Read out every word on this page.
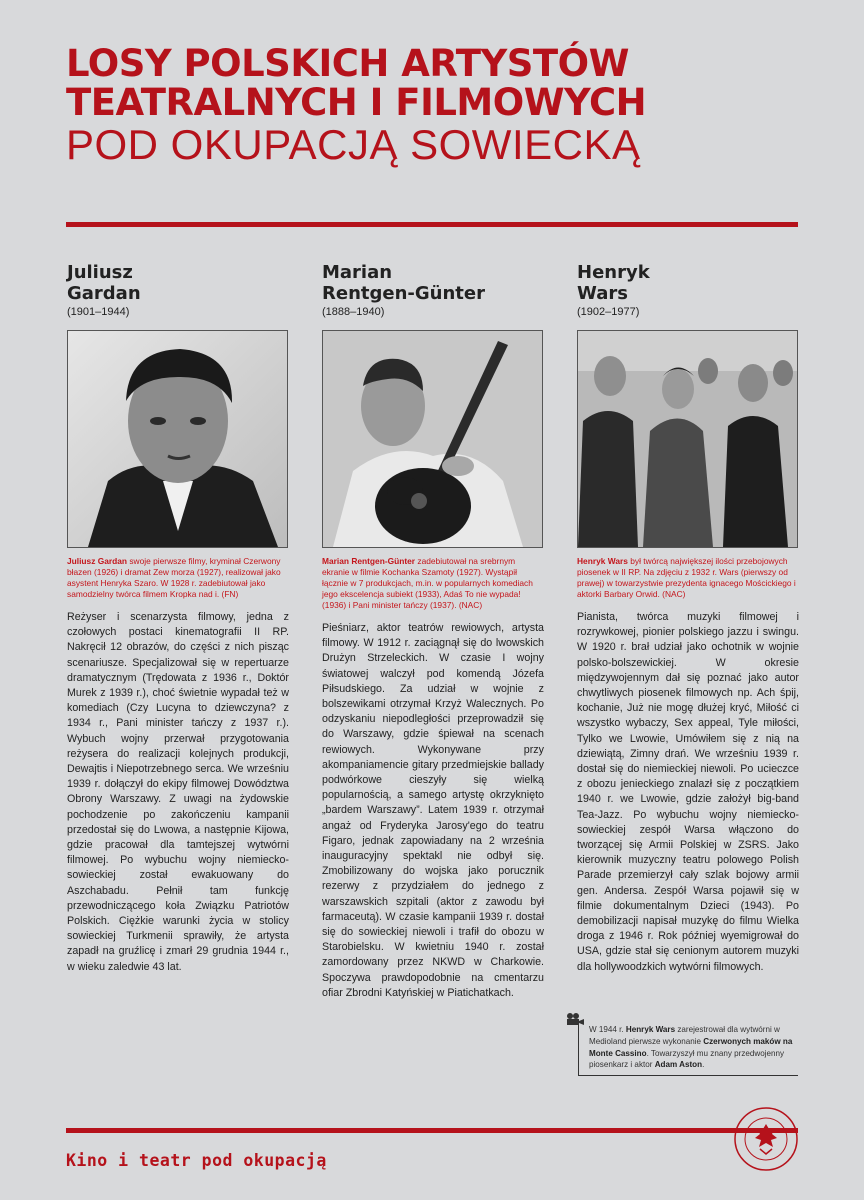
LOSY POLSKICH ARTYSTÓW
TEATRALNYCH I FILMOWYCH
POD OKUPACJĄ SOWIECKĄ
Juliusz
Gardan
(1901–1944)
Juliusz Gardan swoje pierwsze filmy, kryminał Czerwony błazen (1926) i dramat Zew morza (1927), realizował jako asystent Henryka Szaro. W 1928 r. zadebiutował jako samodzielny twórca filmem Kropka nad i. (FN)
Reżyser i scenarzysta filmowy, jedna z czołowych postaci kinematografii II RP. Nakręcił 12 obrazów, do części z nich pisząc scenariusze. Specjalizował się w repertuarze dramatycznym (Trędowata z 1936 r., Doktór Murek z 1939 r.), choć świetnie wypadał też w komediach (Czy Lucyna to dziewczyna? z 1934 r., Pani minister tańczy z 1937 r.). Wybuch wojny przerwał przygotowania reżysera do realizacji kolejnych produkcji, Dewajtis i Niepotrzebnego serca. We wrześniu 1939 r. dołączył do ekipy filmowej Dowództwa Obrony Warszawy. Z uwagi na żydowskie pochodzenie po zakończeniu kampanii przedostał się do Lwowa, a następnie Kijowa, gdzie pracował dla tamtejszej wytwórni filmowej. Po wybuchu wojny niemiecko-sowieckiej został ewakuowany do Aszchabadu. Pełnił tam funkcję przewodniczącego koła Związku Patriotów Polskich. Ciężkie warunki życia w stolicy sowieckiej Turkmenii sprawiły, że artysta zapadł na gruźlicę i zmarł 29 grudnia 1944 r., w wieku zaledwie 43 lat.
Marian
Rentgen-Günter
(1888–1940)
Marian Rentgen-Günter zadebiutował na srebrnym ekranie w filmie Kochanka Szamoty (1927). Wystąpił łącznie w 7 produkcjach, m.in. w popularnych komediach jego ekscelencja subiekt (1933), Adaś To nie wypada! (1936) i Pani minister tańczy (1937). (NAC)
Pieśniarz, aktor teatrów rewiowych, artysta filmowy. W 1912 r. zaciągnął się do lwowskich Drużyn Strzeleckich. W czasie I wojny światowej walczył pod komendą Józefa Piłsudskiego. Za udział w wojnie z bolszewikami otrzymał Krzyż Walecznych. Po odzyskaniu niepodległości przeprowadził się do Warszawy, gdzie śpiewał na scenach rewiowych. Wykonywane przy akompaniamencie gitary przedmiejskie ballady podwórkowe cieszyły się wielką popularnością, a samego artystę okrzyknięto „bardem Warszawy”. Latem 1939 r. otrzymał angaż od Fryderyka Jarosy'ego do teatru Figaro, jednak zapowiadany na 2 września inauguracyjny spektakl nie odbył się. Zmobilizowany do wojska jako porucznik rezerwy z przydziałem do jednego z warszawskich szpitali (aktor z zawodu był farmaceutą). W czasie kampanii 1939 r. dostał się do sowieckiej niewoli i trafił do obozu w Starobielsku. W kwietniu 1940 r. został zamordowany przez NKWD w Charkowie. Spoczywa prawdopodobnie na cmentarzu ofiar Zbrodni Katyńskiej w Piatichatkach.
Henryk
Wars
(1902–1977)
Henryk Wars był twórcą największej ilości przebojowych piosenek w II RP. Na zdjęciu z 1932 r. Wars (pierwszy od prawej) w towarzystwie prezydenta ignacego Mościckiego i aktorki Barbary Orwid. (NAC)
Pianista, twórca muzyki filmowej i rozrywkowej, pionier polskiego jazzu i swingu. W 1920 r. brał udział jako ochotnik w wojnie polsko-bolszewickiej. W okresie międzywojennym dał się poznać jako autor chwytliwych piosenek filmowych np. Ach śpij, kochanie, Już nie mogę dłużej kryć, Miłość ci wszystko wybaczy, Sex appeal, Tyle miłości, Tylko we Lwowie, Umówiłem się z nią na dziewiątą, Zimny drań. We wrześniu 1939 r. dostał się do niemieckiej niewoli. Po ucieczce z obozu jenieckiego znalazł się z początkiem 1940 r. we Lwowie, gdzie założył big-band Tea-Jazz. Po wybuchu wojny niemiecko-sowieckiej zespół Warsa włączono do tworzącej się Armii Polskiej w ZSRS. Jako kierownik muzyczny teatru polowego Polish Parade przemierzył cały szlak bojowy armii gen. Andersa. Zespół Warsa pojawił się w filmie dokumentalnym Dzieci (1943). Po demobilizacji napisał muzykę do filmu Wielka droga z 1946 r. Rok później wyemigrował do USA, gdzie stał się cenionym autorem muzyki dla hollywoodzkich wytwórni filmowych.
W 1944 r. Henryk Wars zarejestrował dla wytwórni w Medioland pierwsze wykonanie Czerwonych maków na Monte Cassino. Towarzyszył mu znany przedwojenny piosenkarz i aktor Adam Aston.
Kino i teatr pod okupacją
